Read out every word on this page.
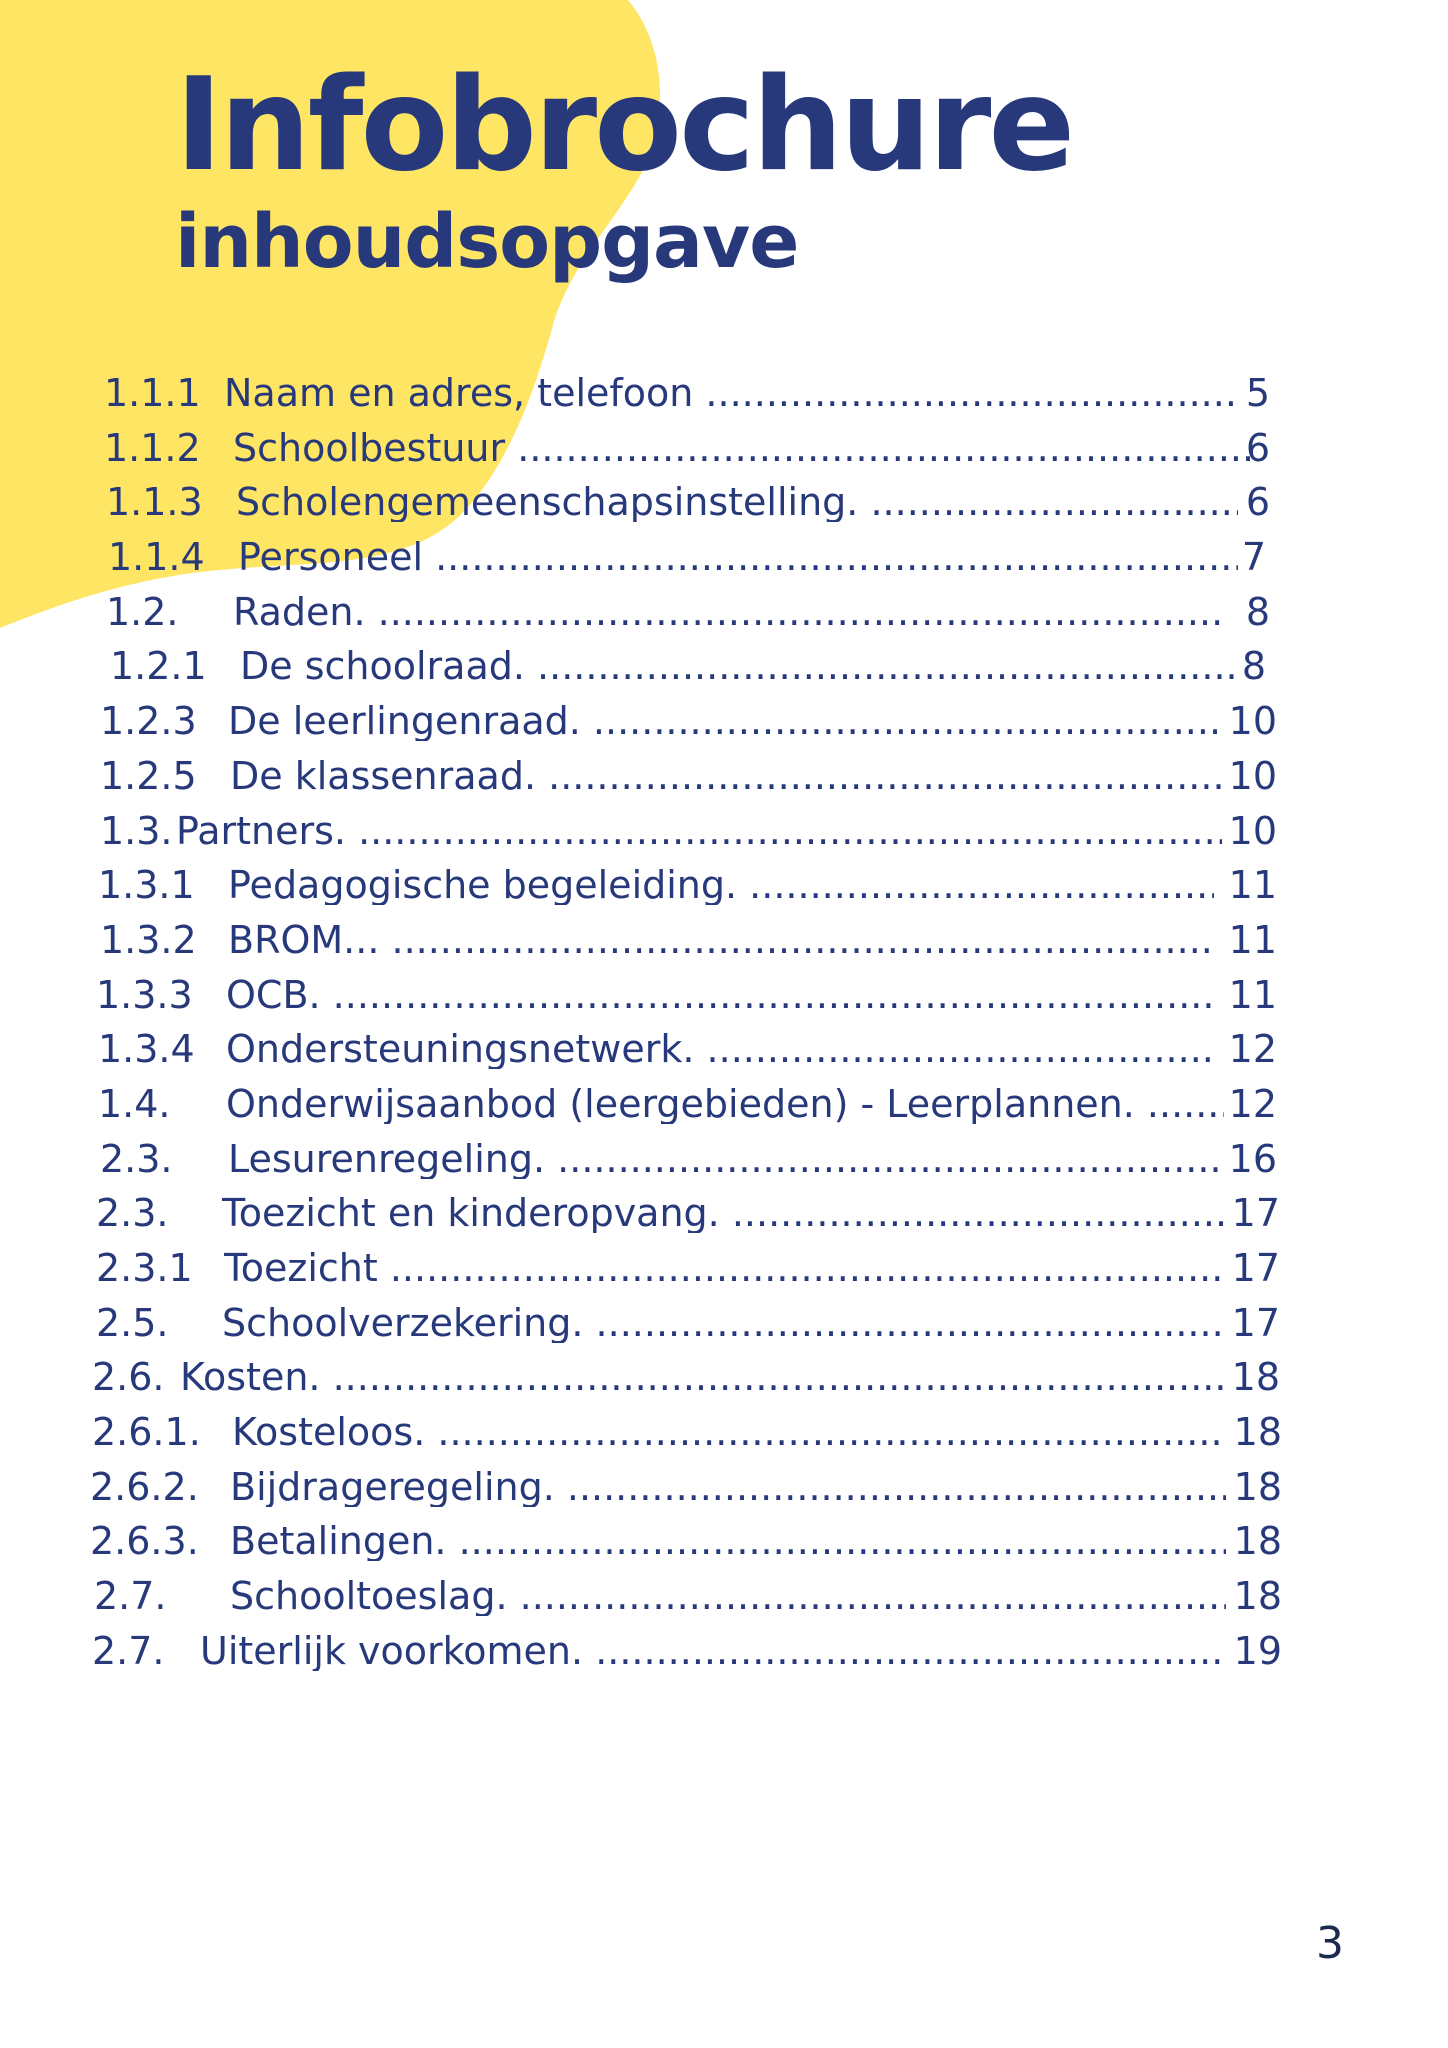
Infobrochure
inhoudsopgave
1.1.1 Naam en adres, telefoon .....	5
1.1.2 Schoolbestuur .....	6
1.1.3 Scholengemeenschapsinstelling. .....	6
1.1.4 Personeel .....	7
1.2. Raden. .....	8
1.2.1 De schoolraad. .....	8
1.2.3 De leerlingenraad. .....	10
1.2.5 De klassenraad. .....	10
1.3. Partners. .....	10
1.3.1 Pedagogische begeleiding. .....	11
1.3.2 BROM... .....	11
1.3.3 OCB. .....	11
1.3.4 Ondersteuningsnetwerk. .....	12
1.4. Onderwijsaanbod (leergebieden) - Leerplannen. .....	12
2.3. Lesurenregeling. .....	16
2.3. Toezicht en kinderopvang. .....	17
2.3.1 Toezicht .....	17
2.5. Schoolverzekering. .....	17
2.6. Kosten. .....	18
2.6.1. Kosteloos. .....	18
2.6.2. Bijdrageregeling. .....	18
2.6.3. Betalingen. .....	18
2.7. Schooltoeslag. .....	18
2.7. Uiterlijk voorkomen. .....	19
3
